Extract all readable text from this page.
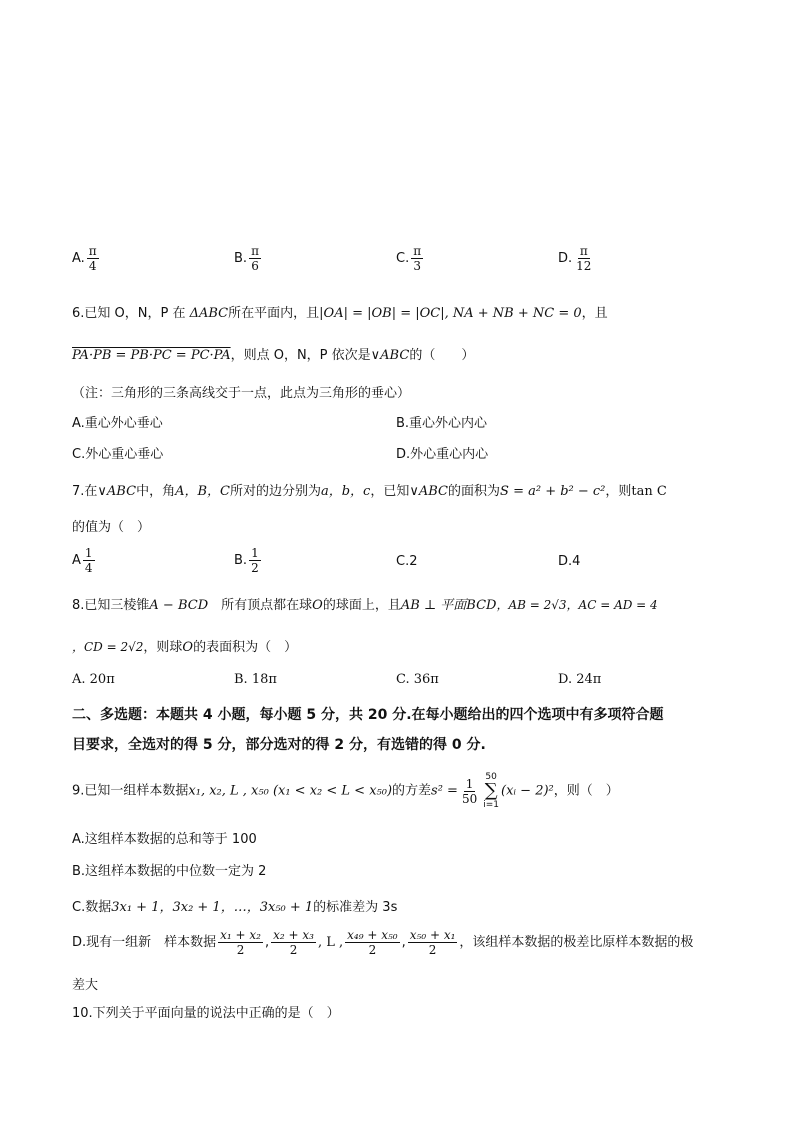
A. $\frac{\pi}{4}$	B. $\frac{\pi}{6}$	C. $\frac{\pi}{3}$	D. $\frac{\pi}{12}$
6.已知 O，N，P 在 ΔABC所在平面内，且|OA| = |OB| = |OC|, NA + NB + NC = 0，且
PA·PB = PB·PC = PC·PA，则点 O，N，P 依次是∨ABC的（　　）
（注：三角形的三条高线交于一点，此点为三角形的垂心）
A.重心外心垂心	B.重心外心内心
C.外心重心垂心	D.外心重心内心
7.在∨ABC中，角A，B，C所对的边分别为a，b，c，已知∨ABC的面积为S = a² + b² − c²，则tan C
的值为（　）
A $\frac{1}{4}$	B. $\frac{1}{2}$	C.2	D.4
8.已知三棱锥A − BCD　 所有顶点都在球O的球面上，且AB ⊥ 平面BCD，AB = 2√3，AC = AD = 4
，CD = 2√2，则球O的表面积为（　）
A. 20π	B. 18π	C. 36π	D. 24π
二、多选题：本题共 4 小题，每小题 5 分，共 20 分.在每小题给出的四个选项中有多项符合题
目要求，全选对的得 5 分，部分选对的得 2 分，有选错的得 0 分.
9.已知一组样本数据x₁, x₂, L , x₅₀ (x₁ < x₂ < L < x₅₀)的方差$s^2 = \frac{1}{50} 50$
∑
i=1
(xᵢ − 2)²，则（　）
A.这组样本数据的总和等于 100
B.这组样本数据的中位数一定为 2
C.数据3x₁ + 1，3x₂ + 1，…，3x₅₀ + 1的标准差为 3s
D.现有一组新　样本数据 $\frac{\text{x₁ + x₂}}{2}$ , $\frac{\text{x₂ + x₃}}{2}$ , L , $\frac{\text{x₄₉ + x₅₀}}{2}$ , $\frac{\text{x₅₀ + x₁}}{2}$ ，该组样本数据的极差比原样本数据的极
差大
10.下列关于平面向量的说法中正确的是（　）
